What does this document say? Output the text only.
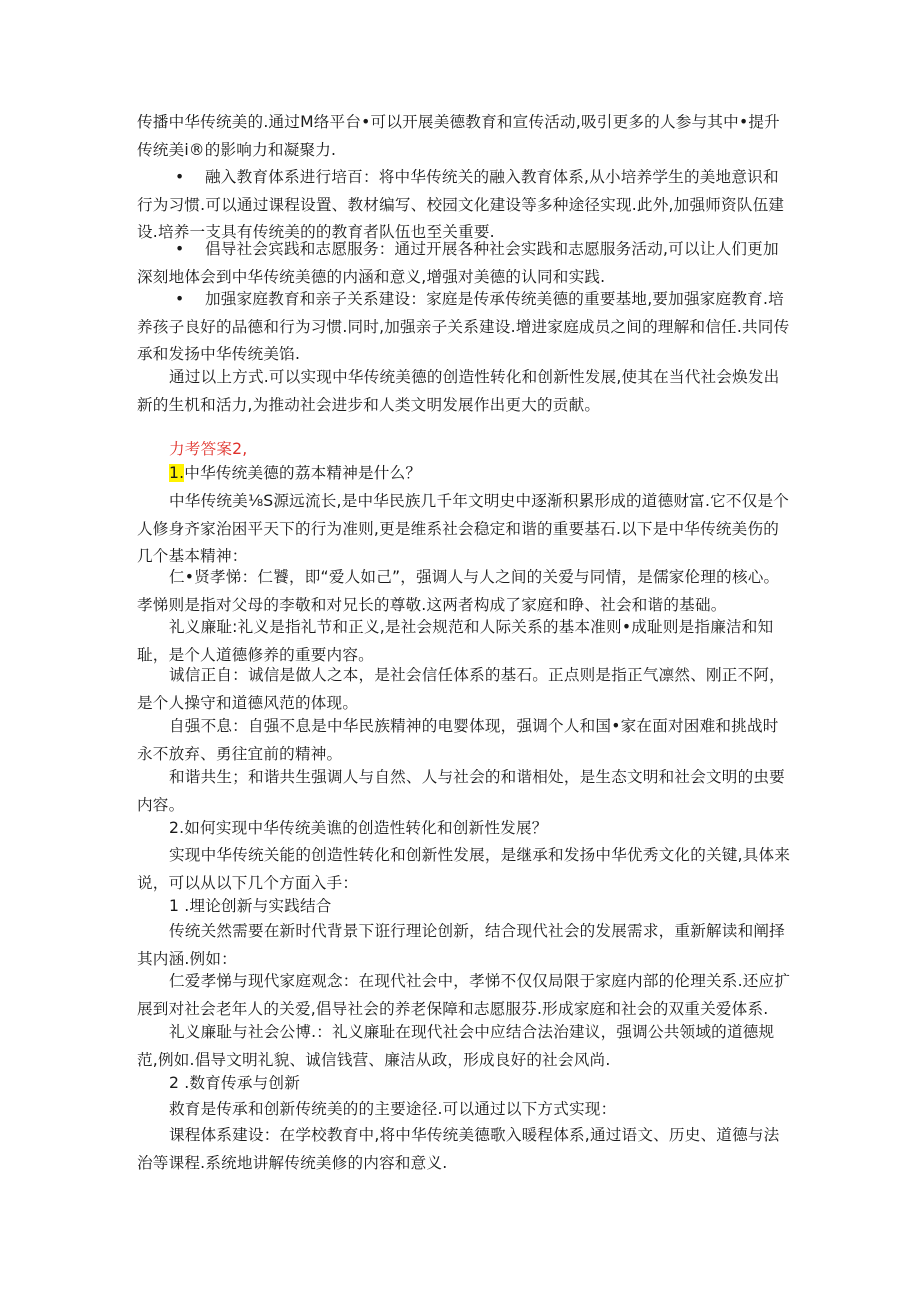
传播中华传统美的.通过M络平台•可以开展美德教育和宣传活动,吸引更多的人参与其中•提升传统美i®的影响力和凝聚力.

• 融入教育体系进行培百：将中华传统关的融入教育体系,从小培养学生的美地意识和行为习惯.可以通过课程设置、教材编写、校园文化建设等多种途径实现.此外,加强师资队伍建设.培养一支具有传统美的的教育者队伍也至关重要.

• 倡导社会宾践和志愿服务：通过开展各种社会实践和志愿服务活动,可以让人们更加深刻地体会到中华传统美德的内涵和意义,增强对美德的认同和实践.

• 加强家庭教育和亲子关系建设：家庭是传承传统美德的重要基地,要加强家庭教育.培养孩子良好的品德和行为习惯.同时,加强亲子关系建设.增进家庭成员之间的理解和信任.共同传承和发扬中华传统美馅.

通过以上方式.可以实现中华传统美德的创造性转化和创新性发展,使其在当代社会焕发出新的生机和活力,为推动社会进步和人类文明发展作出更大的贡献。

力考答案2,

1.中华传统美德的荔本精神是什么？

中华传统美⅛S源远流长,是中华民族几千年文明史中逐渐积累形成的道德财富.它不仅是个人修身齐家治困平天下的行为准则,更是维系社会稳定和谐的重要基石.以下是中华传统美伤的几个基本精神：

仁•贤孝悌：仁饕，即“爱人如己”，强调人与人之间的关爱与同情，是儒家伦理的核心。孝悌则是指对父母的李敬和对兄长的尊敬.这两者构成了家庭和睁、社会和谐的基础。

礼义廉耻:礼义是指礼节和正义,是社会规范和人际关系的基本准则•成耻则是指廉洁和知耻，是个人道德修养的重要内容。

诚信正自：诚信是做人之本，是社会信任体系的基石。正点则是指正气凛然、刚正不阿，是个人操守和道德风范的体现。

自强不息：自强不息是中华民族精神的电婴体现，强调个人和国•家在面对困难和挑战时永不放弃、勇往宜前的精神。

和谐共生；和谐共生强调人与自然、人与社会的和谐相处，是生态文明和社会文明的虫要内容。

2.如何实现中华传统美谯的创造性转化和创新性发展？

实现中华传统关能的创造性转化和创新性发展，是继承和发扬中华优秀文化的关键,具体来说，可以从以下几个方面入手：

1 .埋论创新与实践结合

传统关然需要在新时代背景下诳行理论创新，结合现代社会的发展需求，重新解读和阐择其内涵.例如：

仁爱孝悌与现代家庭观念：在现代社会中，孝悌不仅仅局限于家庭内部的伦理关系.还应扩展到对社会老年人的关爱,倡导社会的养老保障和志愿服芬.形成家庭和社会的双重关爱体系.

礼义廉耻与社会公博.：礼义廉耻在现代社会中应结合法治建议，强调公共领域的道德规范,例如.倡导文明礼貌、诚信钱营、廉洁从政，形成良好的社会风尚.

2 .数育传承与创新

救育是传承和创新传统美的的主要途径.可以通过以下方式实现：

课程体系建设：在学校教育中,将中华传统美德歌入暖程体系,通过语文、历史、道德与法治等课程.系统地讲解传统美修的内容和意义.
